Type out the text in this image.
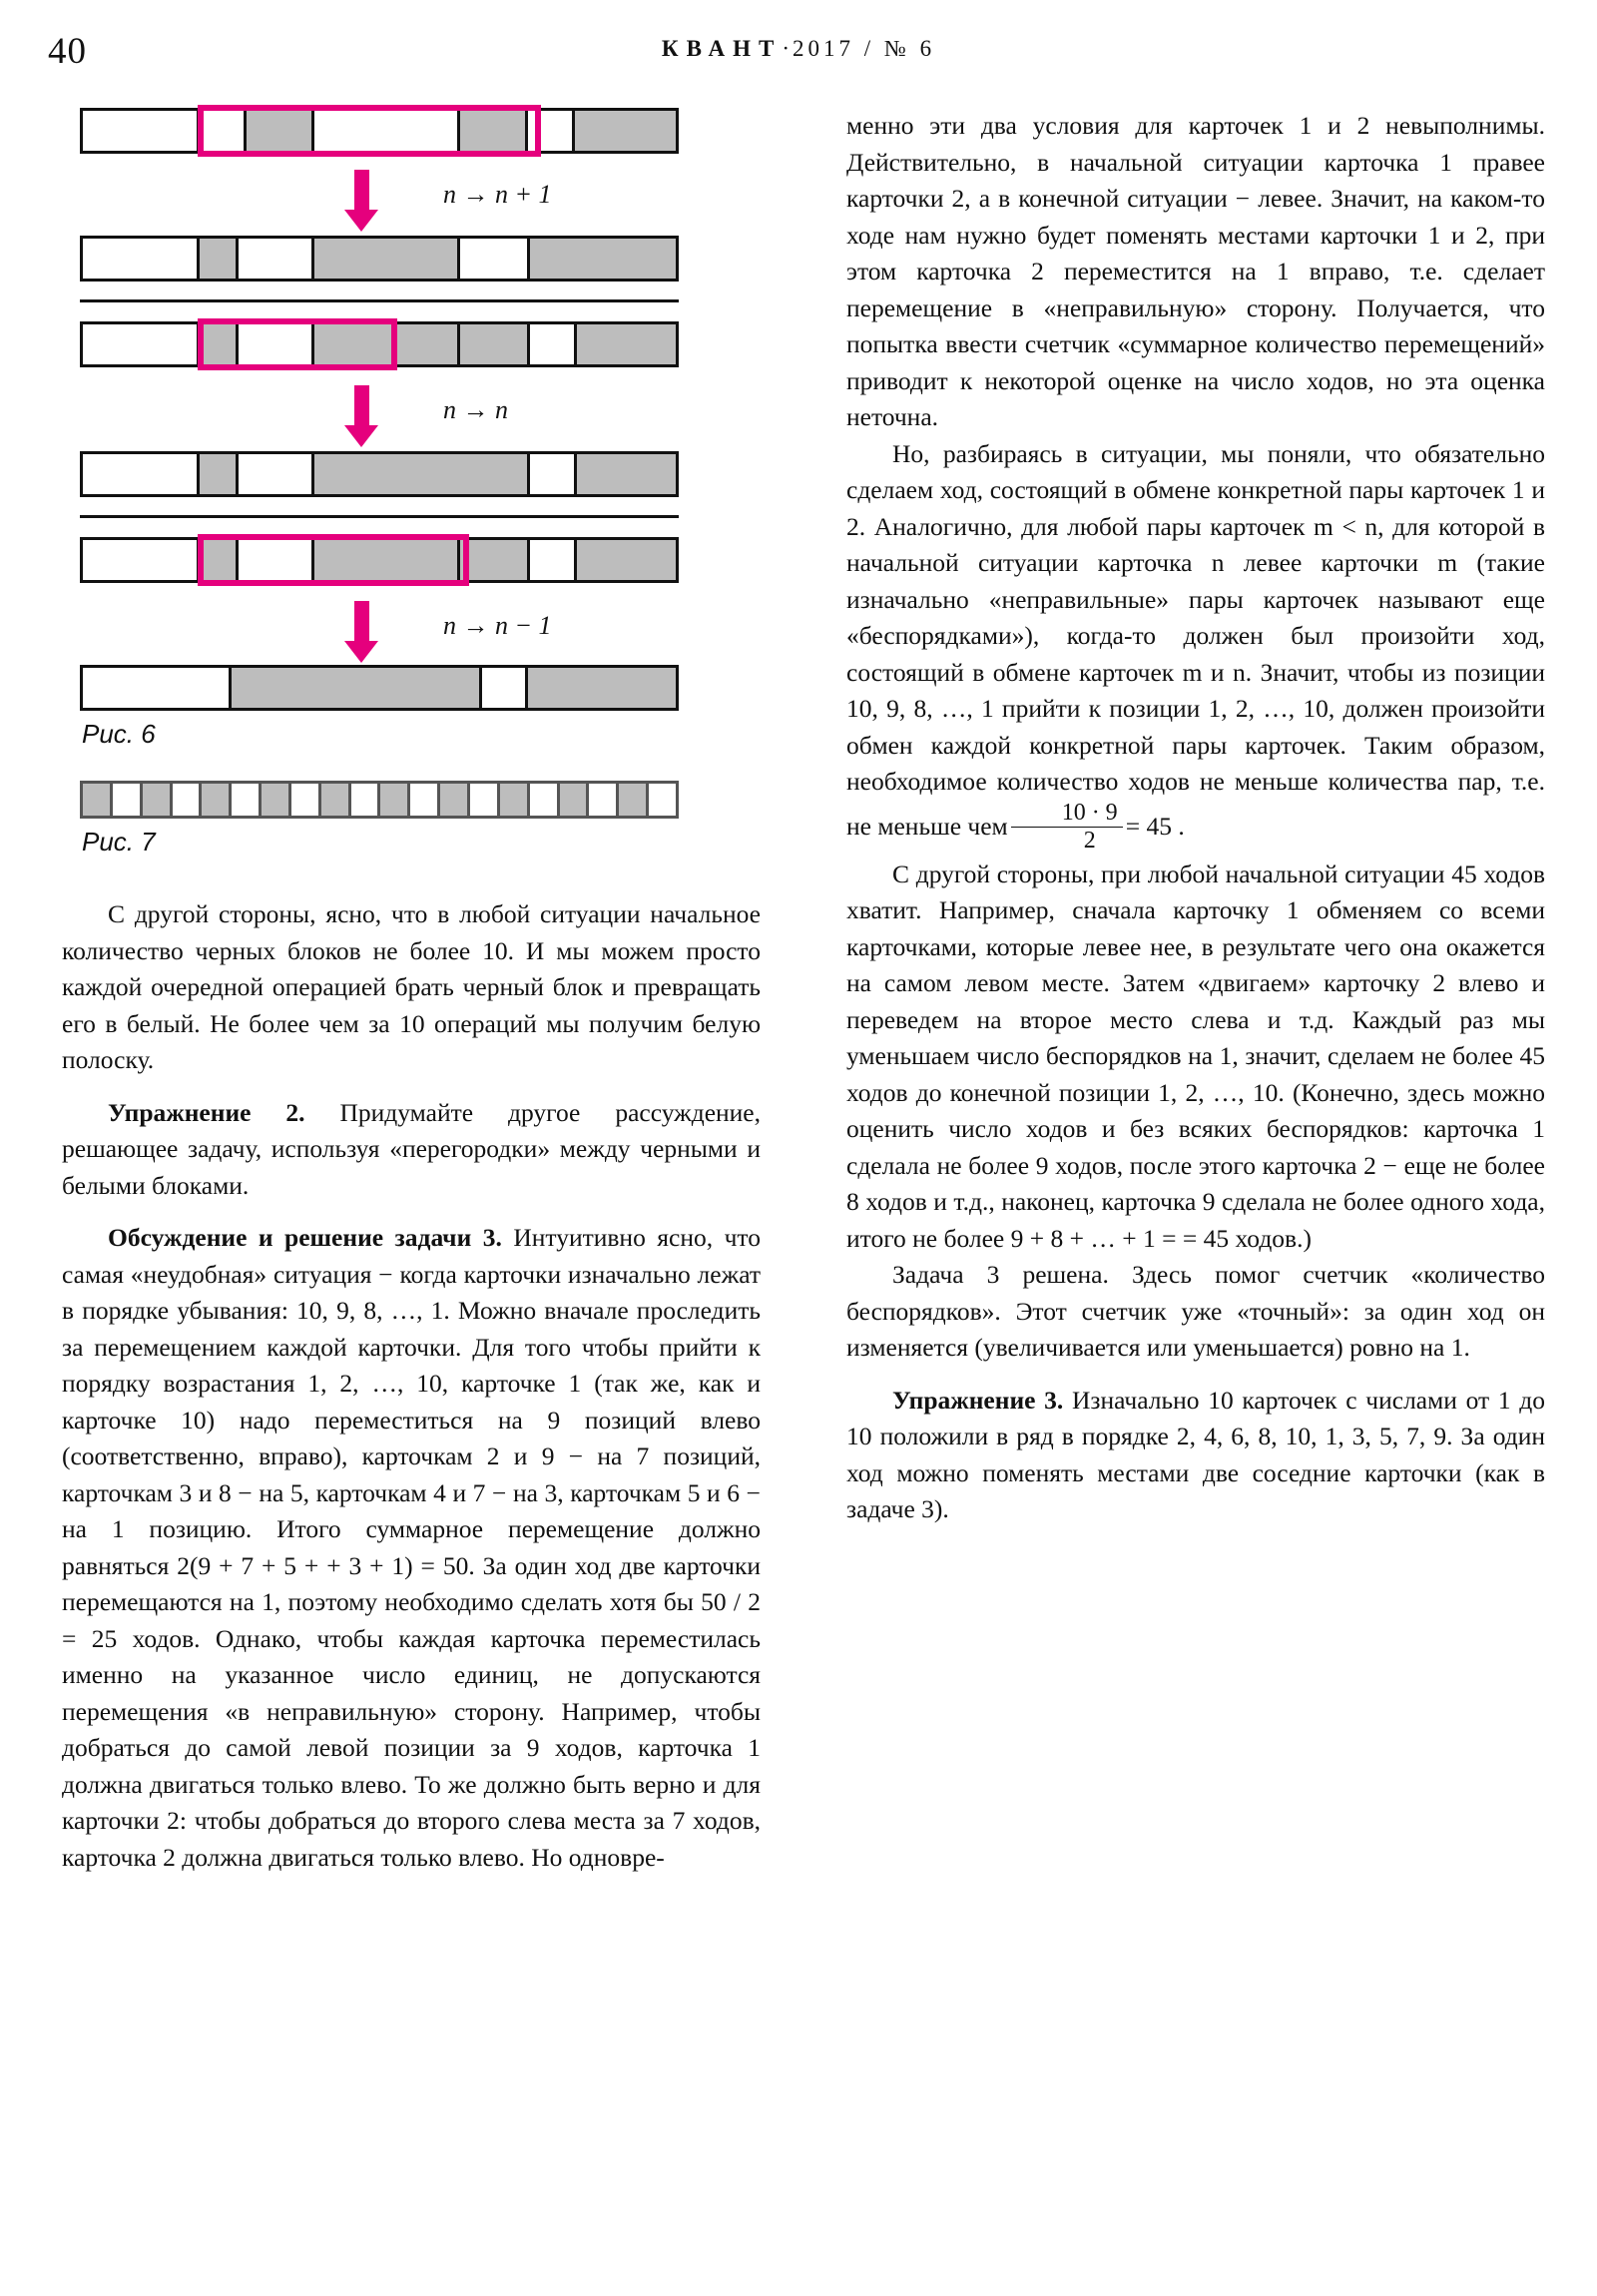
40	КВАНТ·2017 / № 6
n → n + 1
n → n
n → n − 1
Рис. 6
Рис. 7

С другой стороны, ясно, что в любой ситуации начальное количество черных блоков не более 10. И мы можем просто каждой очередной операцией брать черный блок и превращать его в белый. Не более чем за 10 операций мы получим белую полоску.

Упражнение 2. Придумайте другое рассуждение, решающее задачу, используя «перегородки» между черными и белыми блоками.

Обсуждение и решение задачи 3. Интуитивно ясно, что самая «неудобная» ситуация − когда карточки изначально лежат в порядке убывания: 10, 9, 8, …, 1. Можно вначале проследить за перемещением каждой карточки. Для того чтобы прийти к порядку возрастания 1, 2, …, 10, карточке 1 (так же, как и карточке 10) надо переместиться на 9 позиций влево (соответственно, вправо), карточкам 2 и 9 − на 7 позиций, карточкам 3 и 8 − на 5, карточкам 4 и 7 − на 3, карточкам 5 и 6 − на 1 позицию. Итого суммарное перемещение должно равняться 2(9 + 7 + 5 + + 3 + 1) = 50. За один ход две карточки перемещаются на 1, поэтому необходимо сделать хотя бы 50 / 2 = 25 ходов. Однако, чтобы каждая карточка переместилась именно на указанное число единиц, не допускаются перемещения «в неправильную» сторону. Например, чтобы добраться до самой левой позиции за 9 ходов, карточка 1 должна двигаться только влево. То же должно быть верно и для карточки 2: чтобы добраться до второго слева места за 7 ходов, карточка 2 должна двигаться только влево. Но одновре-

менно эти два условия для карточек 1 и 2 невыполнимы. Действительно, в начальной ситуации карточка 1 правее карточки 2, а в конечной ситуации − левее. Значит, на каком-то ходе нам нужно будет поменять местами карточки 1 и 2, при этом карточка 2 переместится на 1 вправо, т.е. сделает перемещение в «неправильную» сторону. Получается, что попытка ввести счетчик «суммарное количество перемещений» приводит к некоторой оценке на число ходов, но эта оценка неточна.

Но, разбираясь в ситуации, мы поняли, что обязательно сделаем ход, состоящий в обмене конкретной пары карточек 1 и 2. Аналогично, для любой пары карточек m < n, для которой в начальной ситуации карточка n левее карточки m (такие изначально «неправильные» пары карточек называют еще «беспорядками»), когда-то должен был произойти ход, состоящий в обмене карточек m и n. Значит, чтобы из позиции 10, 9, 8, …, 1 прийти к позиции 1, 2, …, 10, должен произойти обмен каждой конкретной пары карточек. Таким образом, необходимое количество ходов не меньше количества пар, т.е. не меньше чем $\frac{10 \cdot 9}{2} = 45$ .

С другой стороны, при любой начальной ситуации 45 ходов хватит. Например, сначала карточку 1 обменяем со всеми карточками, которые левее нее, в результате чего она окажется на самом левом месте. Затем «двигаем» карточку 2 влево и переведем на второе место слева и т.д. Каждый раз мы уменьшаем число беспорядков на 1, значит, сделаем не более 45 ходов до конечной позиции 1, 2, …, 10. (Конечно, здесь можно оценить число ходов и без всяких беспорядков: карточка 1 сделала не более 9 ходов, после этого карточка 2 − еще не более 8 ходов и т.д., наконец, карточка 9 сделала не более одного хода, итого не более 9 + 8 + … + 1 = = 45 ходов.)

Задача 3 решена. Здесь помог счетчик «количество беспорядков». Этот счетчик уже «точный»: за один ход он изменяется (увеличивается или уменьшается) ровно на 1.

Упражнение 3. Изначально 10 карточек с числами от 1 до 10 положили в ряд в порядке 2, 4, 6, 8, 10, 1, 3, 5, 7, 9. За один ход можно поменять местами две соседние карточки (как в задаче 3).
